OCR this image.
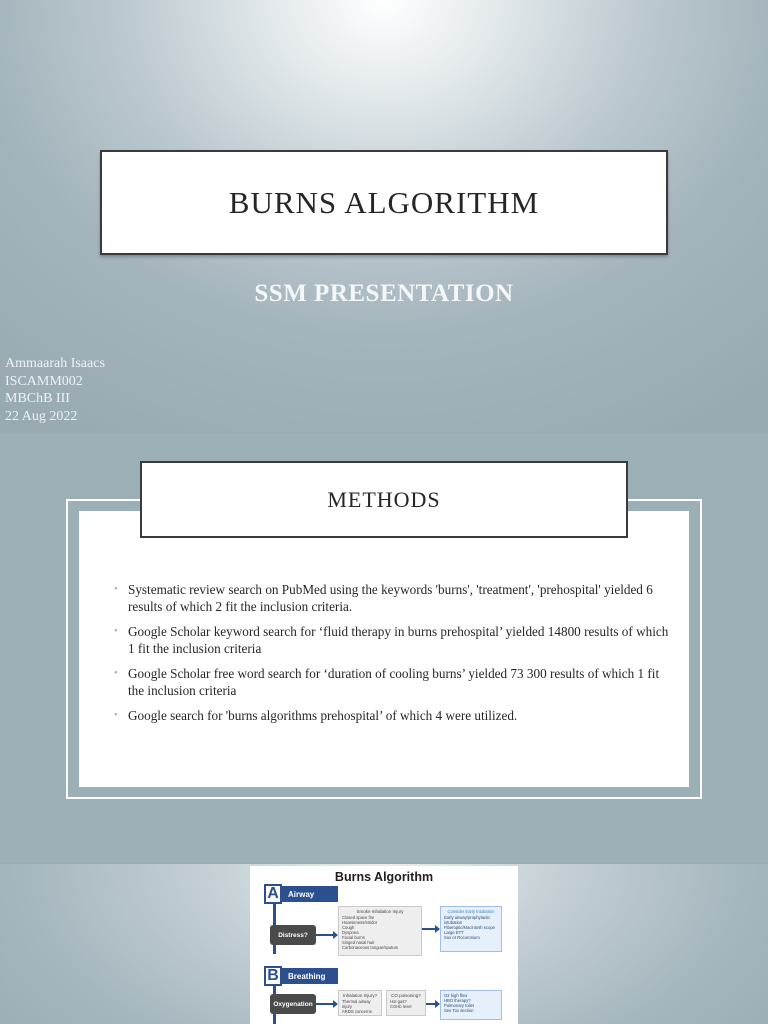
BURNS ALGORITHM
SSM PRESENTATION
Ammaarah Isaacs
ISCAMM002
MBChB III
22 Aug 2022
METHODS
• Systematic review search on PubMed using the keywords 'burns', 'treatment', 'prehospital' yielded 6 results of which 2 fit the inclusion criteria.
• Google Scholar keyword search for ‘fluid therapy in burns prehospital’ yielded 14800 results of which 1 fit the inclusion criteria
• Google Scholar free word search for ‘duration of cooling burns’ yielded 73 300 results of which 1 fit the inclusion criteria
• Google search for 'burns algorithms prehospital’ of which 4 were utilized.
Burns Algorithm
Airway
A
Distress?
Smoke Inhalation Injury
Closed space fire
Hoarseness/stridor
Cough
Dyspnea
Facial burns
Singed nasal hair
Carbonaceous tongue/sputum
Consider Early Intubation
Early airway/prophylactic intubation
Fiberoptic/Macintosh scope
Large ETT
Sux or Rocuronium
Breathing
B
Oxygenation
Inhalation Injury?
Thermal airway injury
ARDS concerns
CO poisoning?
Hot gas?
COHb level
O2 high flow
HBO therapy?
Pulmonary toilet
See Tox section
